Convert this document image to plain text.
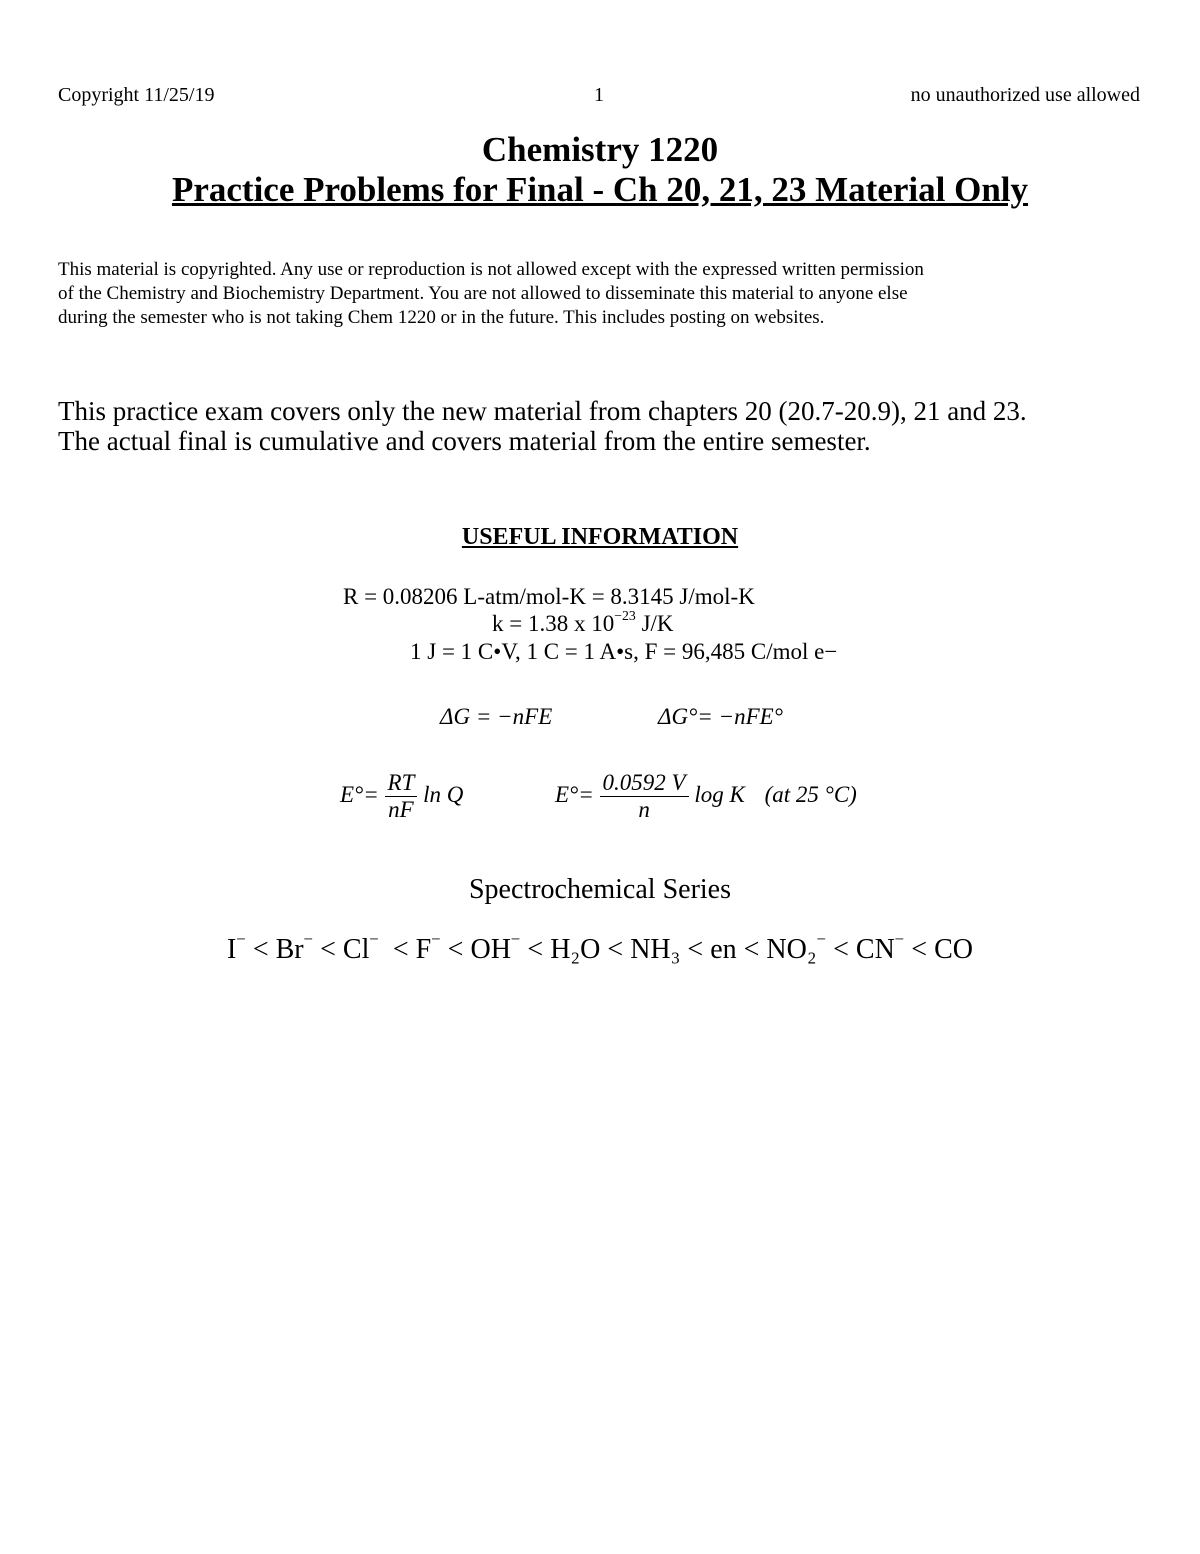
Copyright 11/25/19	1	no unauthorized use allowed
Chemistry 1220
Practice Problems for Final - Ch 20, 21, 23 Material Only
This material is copyrighted. Any use or reproduction is not allowed except with the expressed written permission
of the Chemistry and Biochemistry Department. You are not allowed to disseminate this material to anyone else
during the semester who is not taking Chem 1220 or in the future. This includes posting on websites.
This practice exam covers only the new material from chapters 20 (20.7-20.9), 21 and 23.
The actual final is cumulative and covers material from the entire semester.
USEFUL INFORMATION
R = 0.08206 L-atm/mol-K = 8.3145 J/mol-K
k = 1.38 x $10^{-23}$ J/K
1 J = 1 C•V, 1 C = 1 A•s, F = 96,485 C/mol e−
ΔG = −nFE	ΔG°= −nFE°
$E^\circ= \frac{RT}{nF}$ ln Q	$E^\circ= \frac{0.0592 V}{n}$ log K (at 25 °C)
Spectrochemical Series
I− < Br− < Cl−  < F− < OH− < H₂O < NH₃ < en < NO₂− < CN− < CO
